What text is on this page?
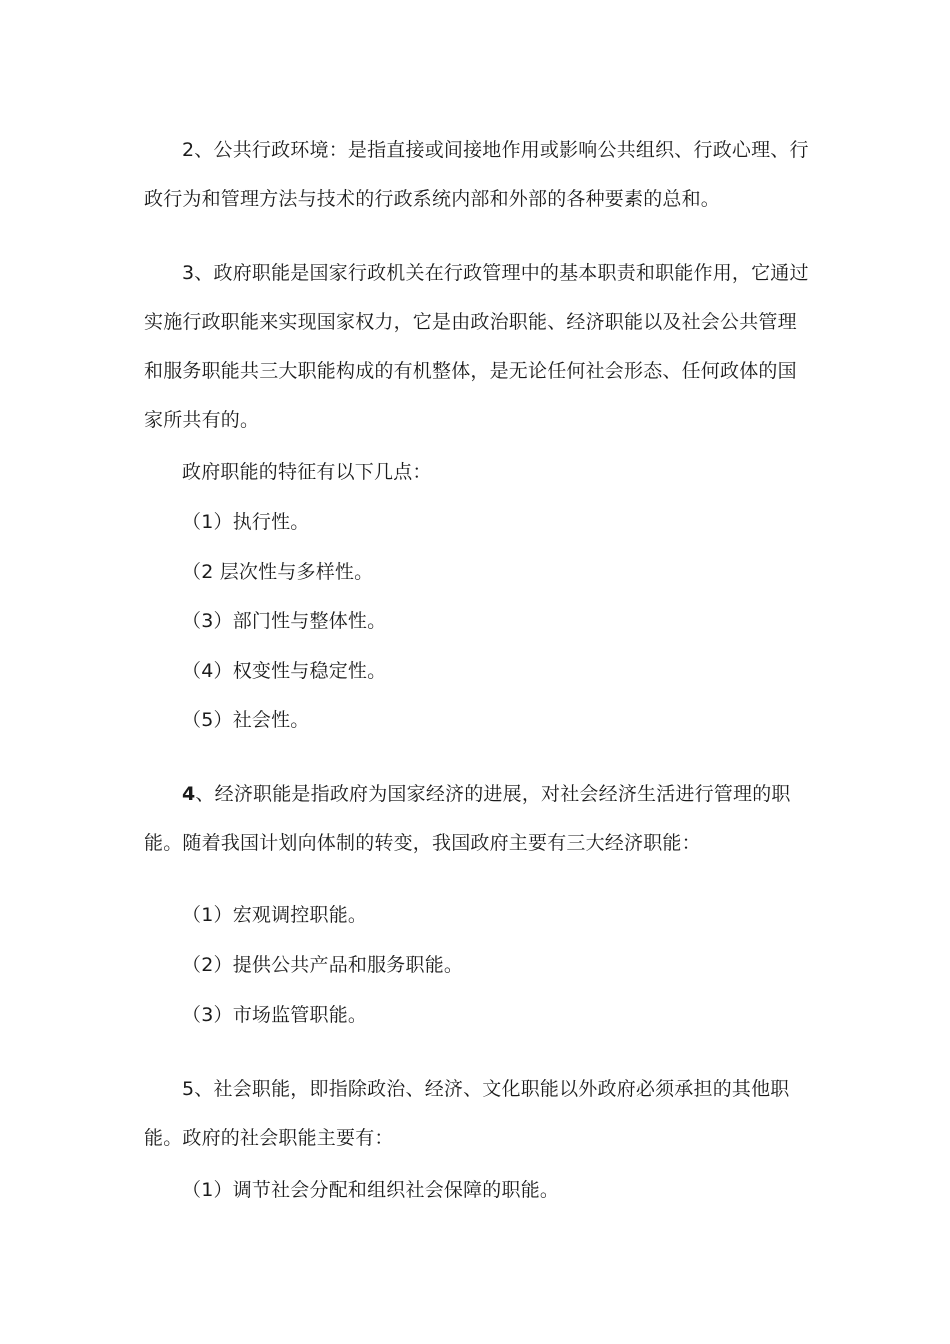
2、公共行政环境：是指直接或间接地作用或影响公共组织、行政心理、行政行为和管理方法与技术的行政系统内部和外部的各种要素的总和。

3、政府职能是国家行政机关在行政管理中的基本职责和职能作用，它通过实施行政职能来实现国家权力，它是由政治职能、经济职能以及社会公共管理和服务职能共三大职能构成的有机整体，是无论任何社会形态、任何政体的国家所共有的。

政府职能的特征有以下几点：

（1）执行性。

（2 层次性与多样性。

（3）部门性与整体性。

（4）权变性与稳定性。

（5）社会性。

4、经济职能是指政府为国家经济的进展，对社会经济生活进行管理的职能。随着我国计划向体制的转变，我国政府主要有三大经济职能：

（1）宏观调控职能。

（2）提供公共产品和服务职能。

（3）市场监管职能。

5、社会职能，即指除政治、经济、文化职能以外政府必须承担的其他职能。政府的社会职能主要有：

（1）调节社会分配和组织社会保障的职能。
